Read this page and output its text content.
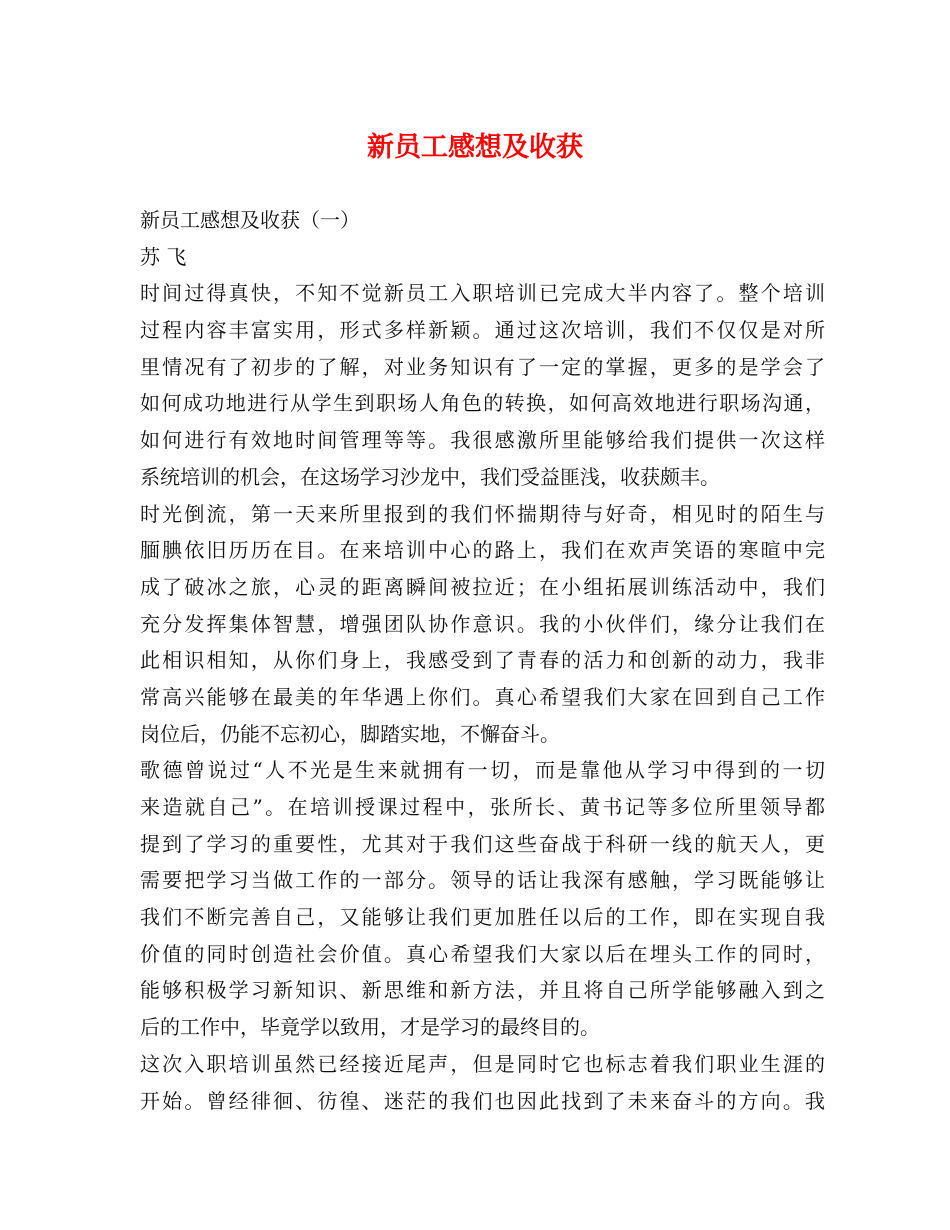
新员工感想及收获
新员工感想及收获（一）
苏 飞
时间过得真快，不知不觉新员工入职培训已完成大半内容了。整个培训
过程内容丰富实用，形式多样新颖。通过这次培训，我们不仅仅是对所
里情况有了初步的了解，对业务知识有了一定的掌握，更多的是学会了
如何成功地进行从学生到职场人角色的转换，如何高效地进行职场沟通，
如何进行有效地时间管理等等。我很感激所里能够给我们提供一次这样
系统培训的机会，在这场学习沙龙中，我们受益匪浅，收获颇丰。
时光倒流，第一天来所里报到的我们怀揣期待与好奇，相见时的陌生与
腼腆依旧历历在目。在来培训中心的路上，我们在欢声笑语的寒暄中完
成了破冰之旅，心灵的距离瞬间被拉近；在小组拓展训练活动中，我们
充分发挥集体智慧，增强团队协作意识。我的小伙伴们，缘分让我们在
此相识相知，从你们身上，我感受到了青春的活力和创新的动力，我非
常高兴能够在最美的年华遇上你们。真心希望我们大家在回到自己工作
岗位后，仍能不忘初心，脚踏实地，不懈奋斗。
歌德曾说过“人不光是生来就拥有一切，而是靠他从学习中得到的一切
来造就自己”。在培训授课过程中，张所长、黄书记等多位所里领导都
提到了学习的重要性，尤其对于我们这些奋战于科研一线的航天人，更
需要把学习当做工作的一部分。领导的话让我深有感触，学习既能够让
我们不断完善自己，又能够让我们更加胜任以后的工作，即在实现自我
价值的同时创造社会价值。真心希望我们大家以后在埋头工作的同时，
能够积极学习新知识、新思维和新方法，并且将自己所学能够融入到之
后的工作中，毕竟学以致用，才是学习的最终目的。
这次入职培训虽然已经接近尾声，但是同时它也标志着我们职业生涯的
开始。曾经徘徊、彷徨、迷茫的我们也因此找到了未来奋斗的方向。我
